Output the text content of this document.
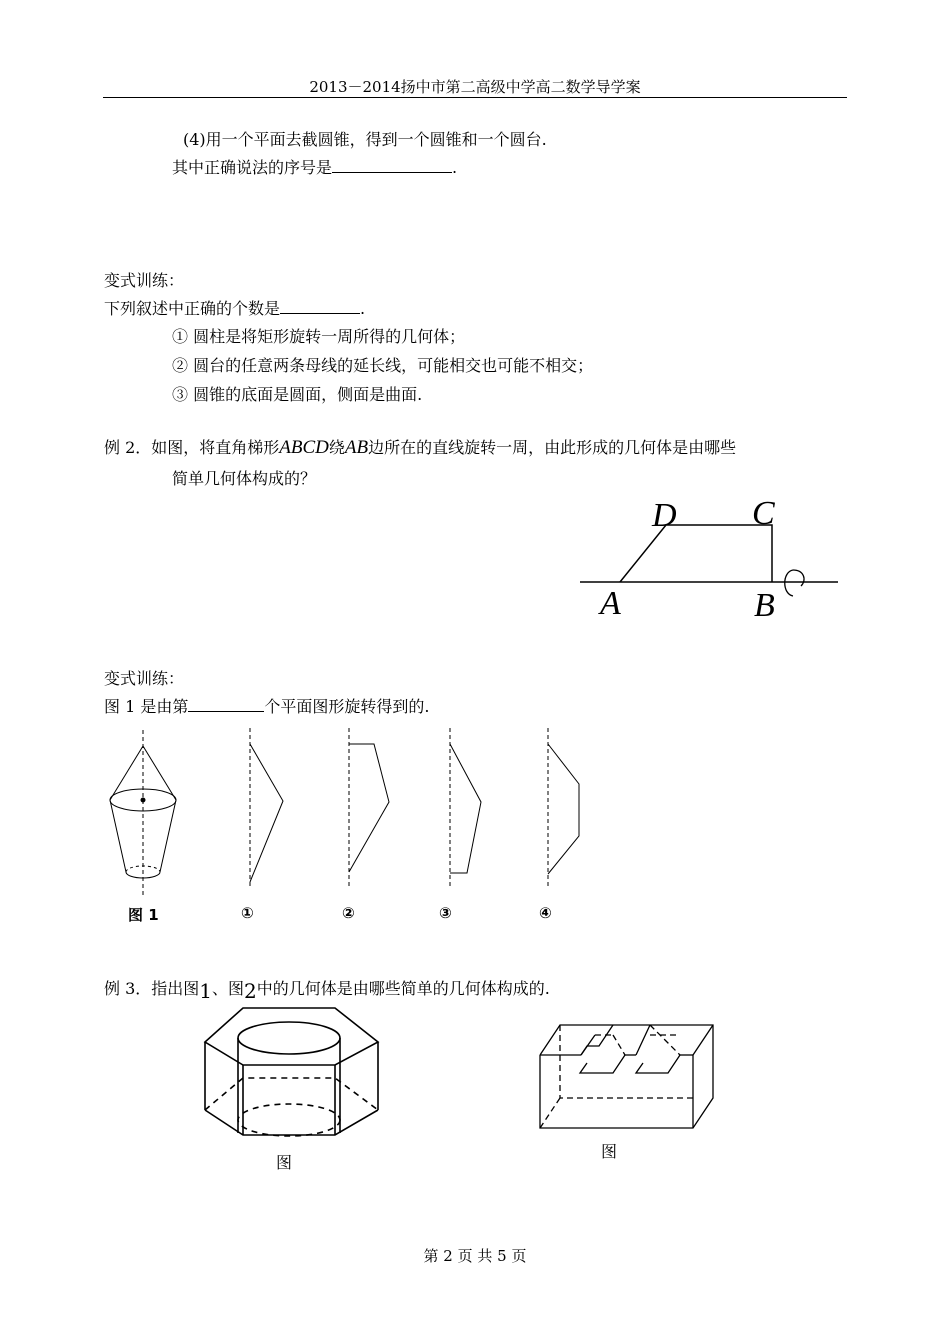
2013－2014扬中市第二高级中学高二数学导学案
(4)用一个平面去截圆锥，得到一个圆锥和一个圆台.
其中正确说法的序号是	.
变式训练：
下列叙述中正确的个数是	.
① 圆柱是将矩形旋转一周所得的几何体；
② 圆台的任意两条母线的延长线，可能相交也可能不相交；
③ 圆锥的底面是圆面，侧面是曲面.
例 2．如图，将直角梯形ABCD绕AB边所在的直线旋转一周，由此形成的几何体是由哪些
简单几何体构成的？
D C
A	B
变式训练：
图 1 是由第	个平面图形旋转得到的.
图 1	①	②	③	④
例 3．指出图1、图2中的几何体是由哪些简单的几何体构成的.
图
图
第 2 页 共 5 页
